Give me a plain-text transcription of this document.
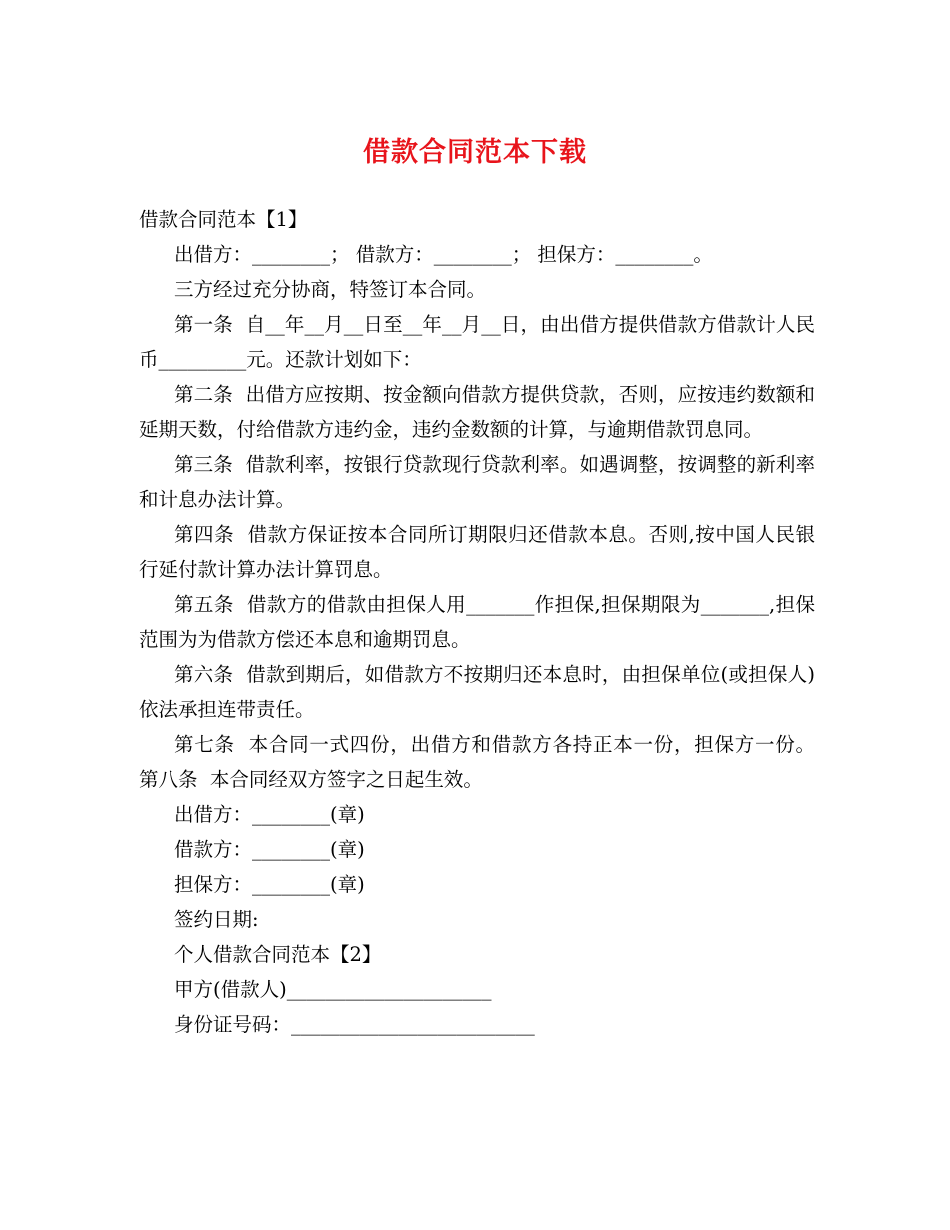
借款合同范本下载

借款合同范本【1】

出借方：________； 借款方：________； 担保方：________。

三方经过充分协商，特签订本合同。

第一条  自__年__月__日至__年__月__日，由出借方提供借款方借款计人民币_________元。还款计划如下：

第二条  出借方应按期、按金额向借款方提供贷款，否则，应按违约数额和延期天数，付给借款方违约金，违约金数额的计算，与逾期借款罚息同。

第三条  借款利率，按银行贷款现行贷款利率。如遇调整，按调整的新利率和计息办法计算。

第四条  借款方保证按本合同所订期限归还借款本息。否则,按中国人民银行延付款计算办法计算罚息。

第五条  借款方的借款由担保人用_______作担保,担保期限为_______,担保范围为为借款方偿还本息和逾期罚息。

第六条  借款到期后，如借款方不按期归还本息时，由担保单位(或担保人)依法承担连带责任。

第七条  本合同一式四份，出借方和借款方各持正本一份，担保方一份。  第八条  本合同经双方签字之日起生效。

出借方：________(章)

借款方：________(章)

担保方：________(章)

签约日期:

个人借款合同范本【2】

甲方(借款人)_____________________

身份证号码：_________________________
